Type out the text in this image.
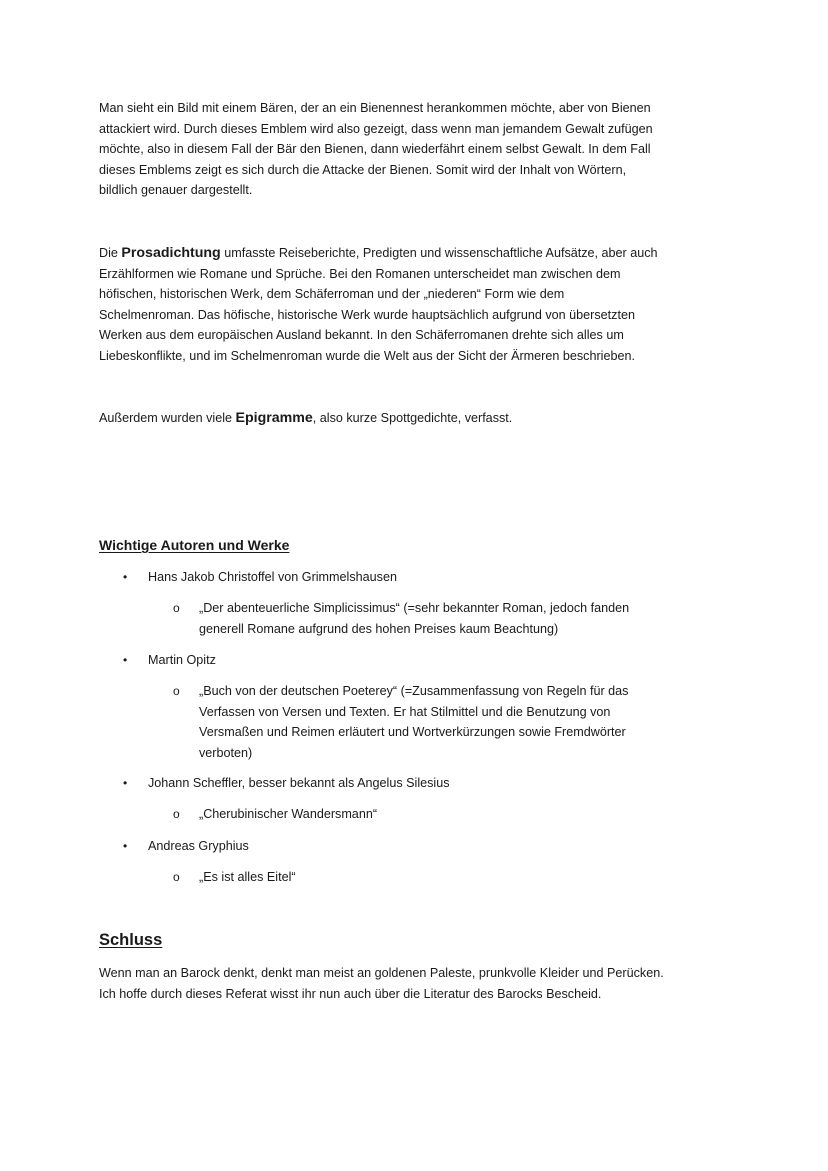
Man sieht ein Bild mit einem Bären, der an ein Bienennest herankommen möchte, aber von Bienen
attackiert wird. Durch dieses Emblem wird also gezeigt, dass wenn man jemandem Gewalt zufügen
möchte, also in diesem Fall der Bär den Bienen, dann wiederfährt einem selbst Gewalt. In dem Fall
dieses Emblems zeigt es sich durch die Attacke der Bienen. Somit wird der Inhalt von Wörtern,
bildlich genauer dargestellt.

Die Prosadichtung umfasste Reiseberichte, Predigten und wissenschaftliche Aufsätze, aber auch
Erzählformen wie Romane und Sprüche. Bei den Romanen unterscheidet man zwischen dem
höfischen, historischen Werk, dem Schäferroman und der „niederen“ Form wie dem
Schelmenroman. Das höfische, historische Werk wurde hauptsächlich aufgrund von übersetzten
Werken aus dem europäischen Ausland bekannt. In den Schäferromanen drehte sich alles um
Liebeskonflikte, und im Schelmenroman wurde die Welt aus der Sicht der Ärmeren beschrieben.

Außerdem wurden viele Epigramme, also kurze Spottgedichte, verfasst.

Wichtige Autoren und Werke
• Hans Jakob Christoffel von Grimmelshausen
o „Der abenteuerliche Simplicissimus“ (=sehr bekannter Roman, jedoch fanden
generell Romane aufgrund des hohen Preises kaum Beachtung)
• Martin Opitz
o „Buch von der deutschen Poeterey“ (=Zusammenfassung von Regeln für das
Verfassen von Versen und Texten. Er hat Stilmittel und die Benutzung von
Versmaßen und Reimen erläutert und Wortverkürzungen sowie Fremdwörter
verboten)
• Johann Scheffler, besser bekannt als Angelus Silesius
o „Cherubinischer Wandersmann“
• Andreas Gryphius
o „Es ist alles Eitel“
Schluss

Wenn man an Barock denkt, denkt man meist an goldenen Paleste, prunkvolle Kleider und Perücken.
Ich hoffe durch dieses Referat wisst ihr nun auch über die Literatur des Barocks Bescheid.
